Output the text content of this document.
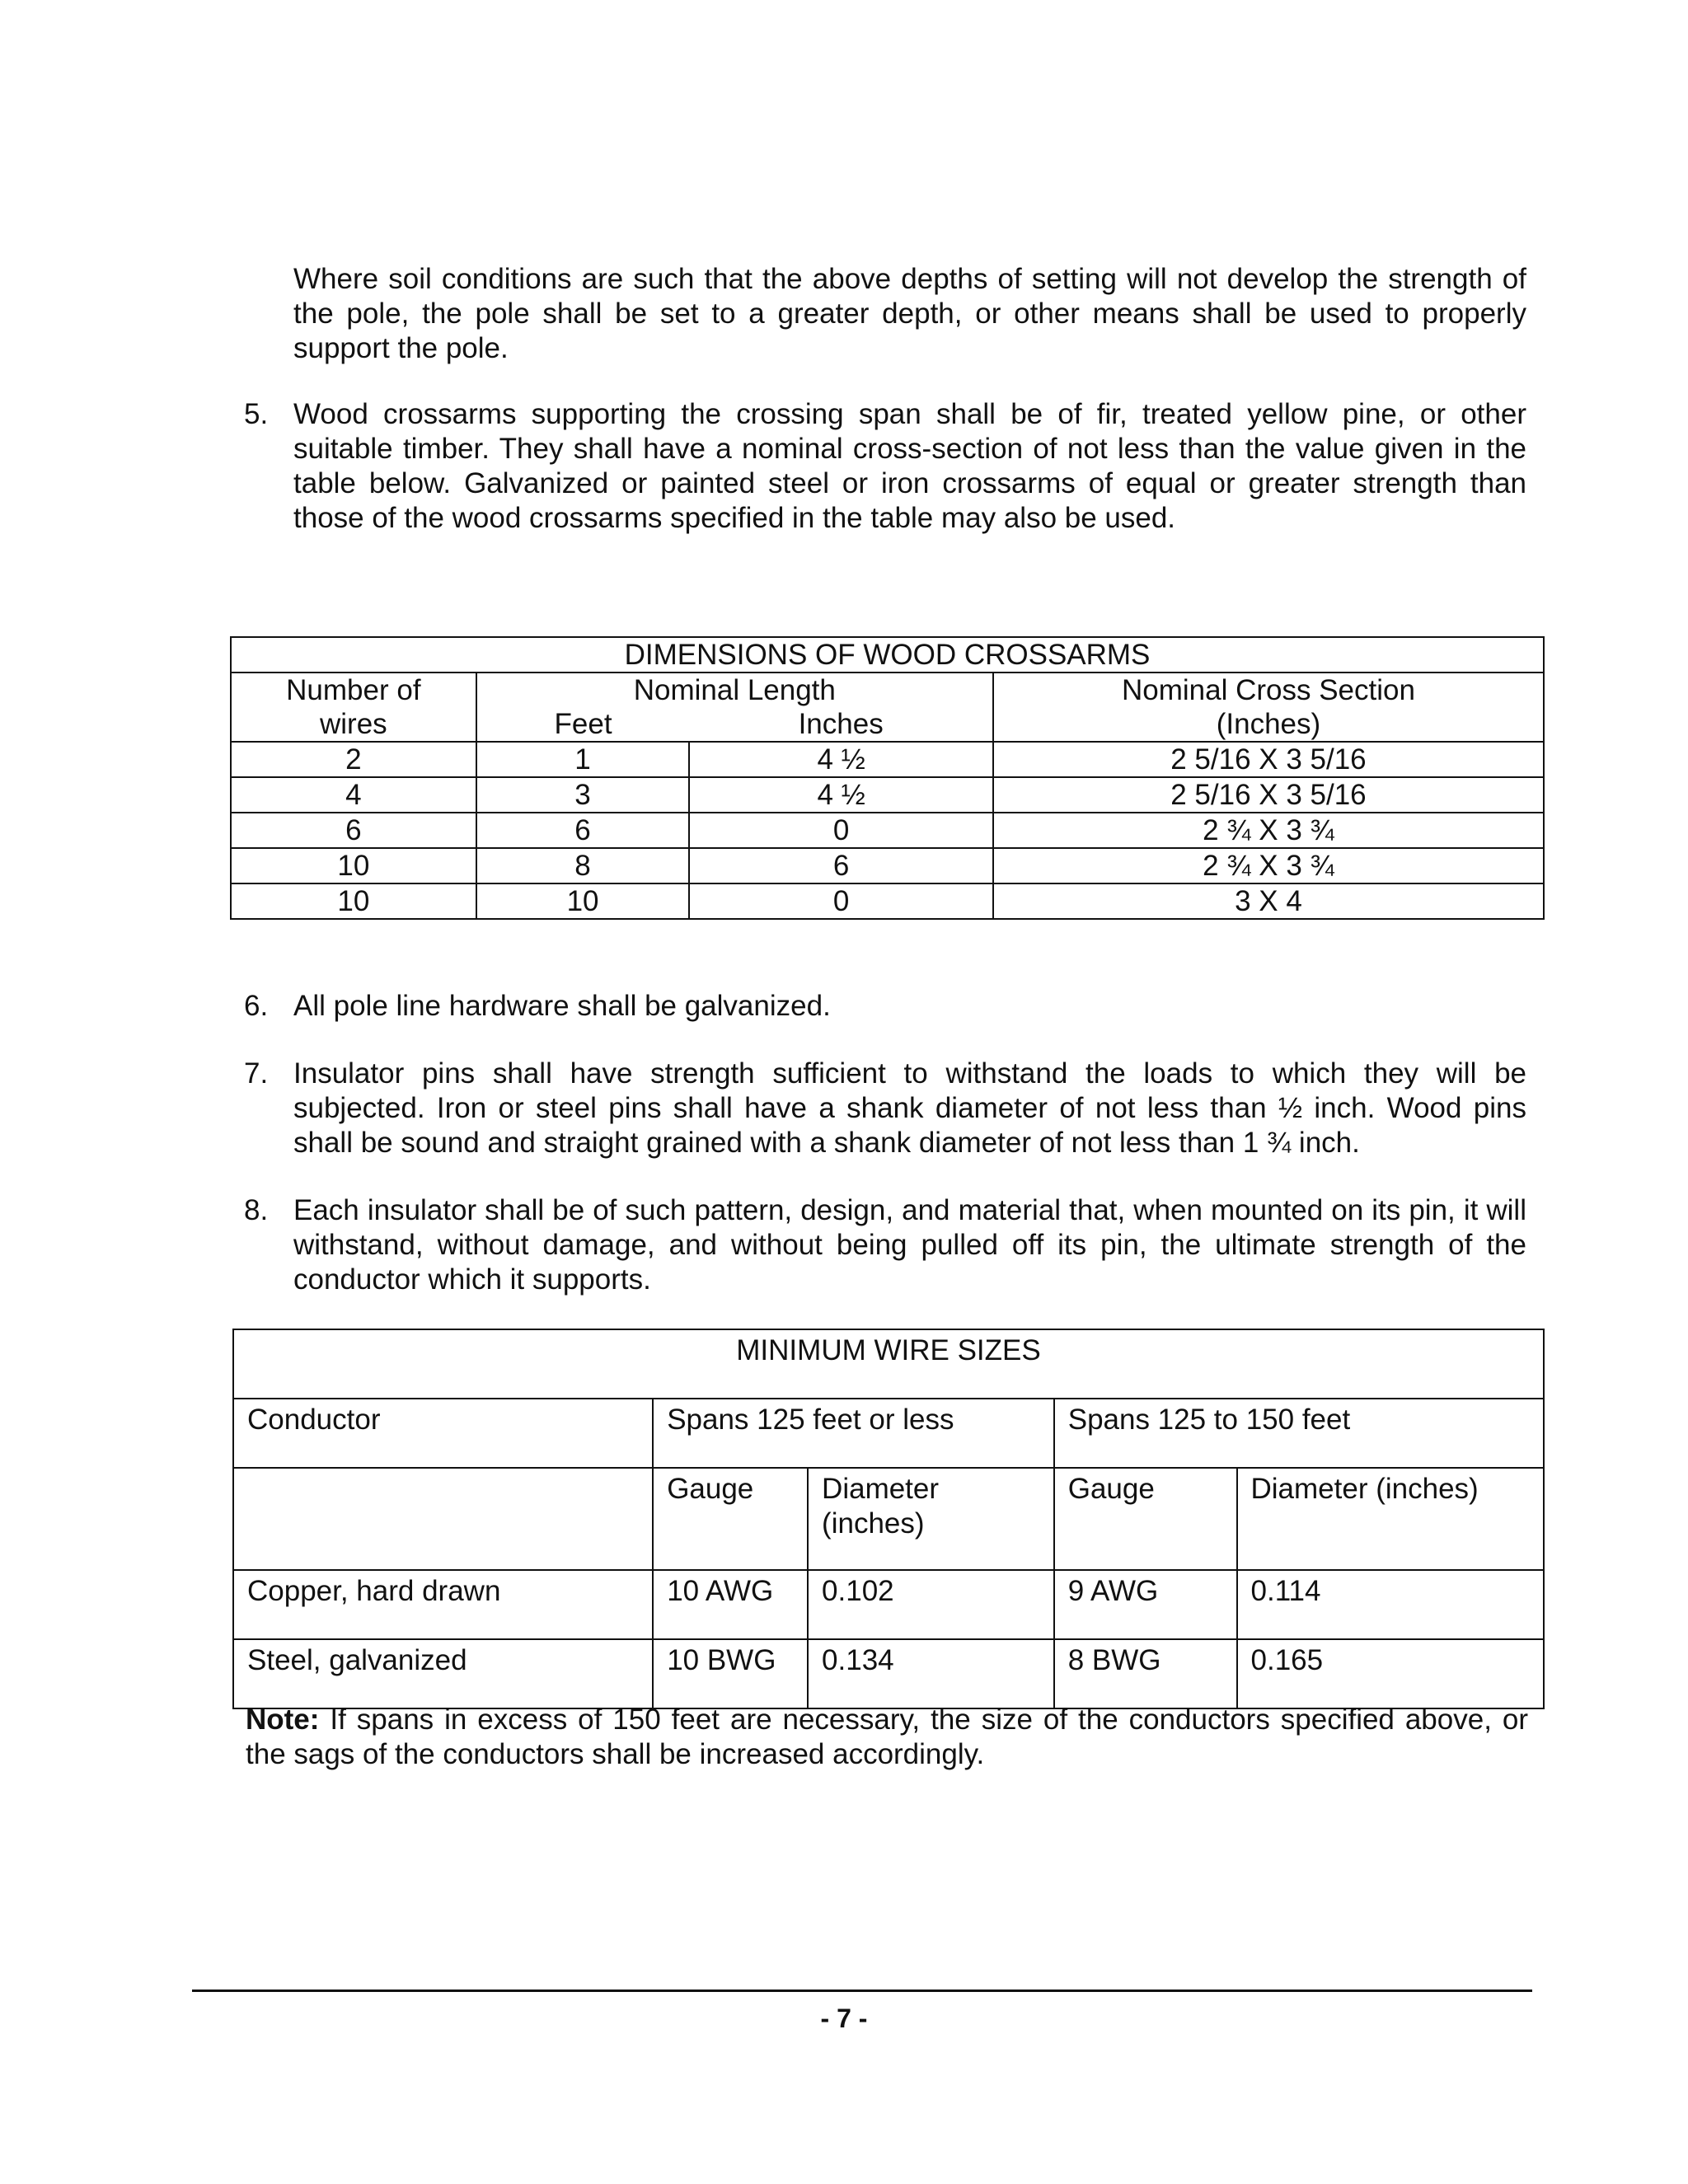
Where soil conditions are such that the above depths of setting will not develop the strength of the pole, the pole shall be set to a greater depth, or other means shall be used to properly support the pole.
5. Wood crossarms supporting the crossing span shall be of fir, treated yellow pine, or other suitable timber. They shall have a nominal cross-section of not less than the value given in the table below. Galvanized or painted steel or iron crossarms of equal or greater strength than those of the wood crossarms specified in the table may also be used.
DIMENSIONS OF WOOD CROSSARMS			
Number of	Nominal Length		Nominal Cross Section
wires	Feet	Inches	(Inches)
2	1	4 ½	2 5/16 X 3 5/16
4	3	4 ½	2 5/16 X 3 5/16
6	6	0	2 ¾ X 3 ¾
10	8	6	2 ¾ X 3 ¾
10	10	0	3 X 4
6. All pole line hardware shall be galvanized.
7. Insulator pins shall have strength sufficient to withstand the loads to which they will be subjected. Iron or steel pins shall have a shank diameter of not less than ½ inch. Wood pins shall be sound and straight grained with a shank diameter of not less than 1 ¾ inch.
8. Each insulator shall be of such pattern, design, and material that, when mounted on its pin, it will withstand, without damage, and without being pulled off its pin, the ultimate strength of the conductor which it supports.
MINIMUM WIRE SIZES				
Conductor	Spans 125 feet or less		Spans 125 to 150 feet	
	Gauge	Diameter (inches)	Gauge	Diameter (inches)
Copper, hard drawn	10 AWG	0.102	9 AWG	0.114
Steel, galvanized	10 BWG	0.134	8 BWG	0.165
Note: If spans in excess of 150 feet are necessary, the size of the conductors specified above, or the sags of the conductors shall be increased accordingly.
- 7 -
